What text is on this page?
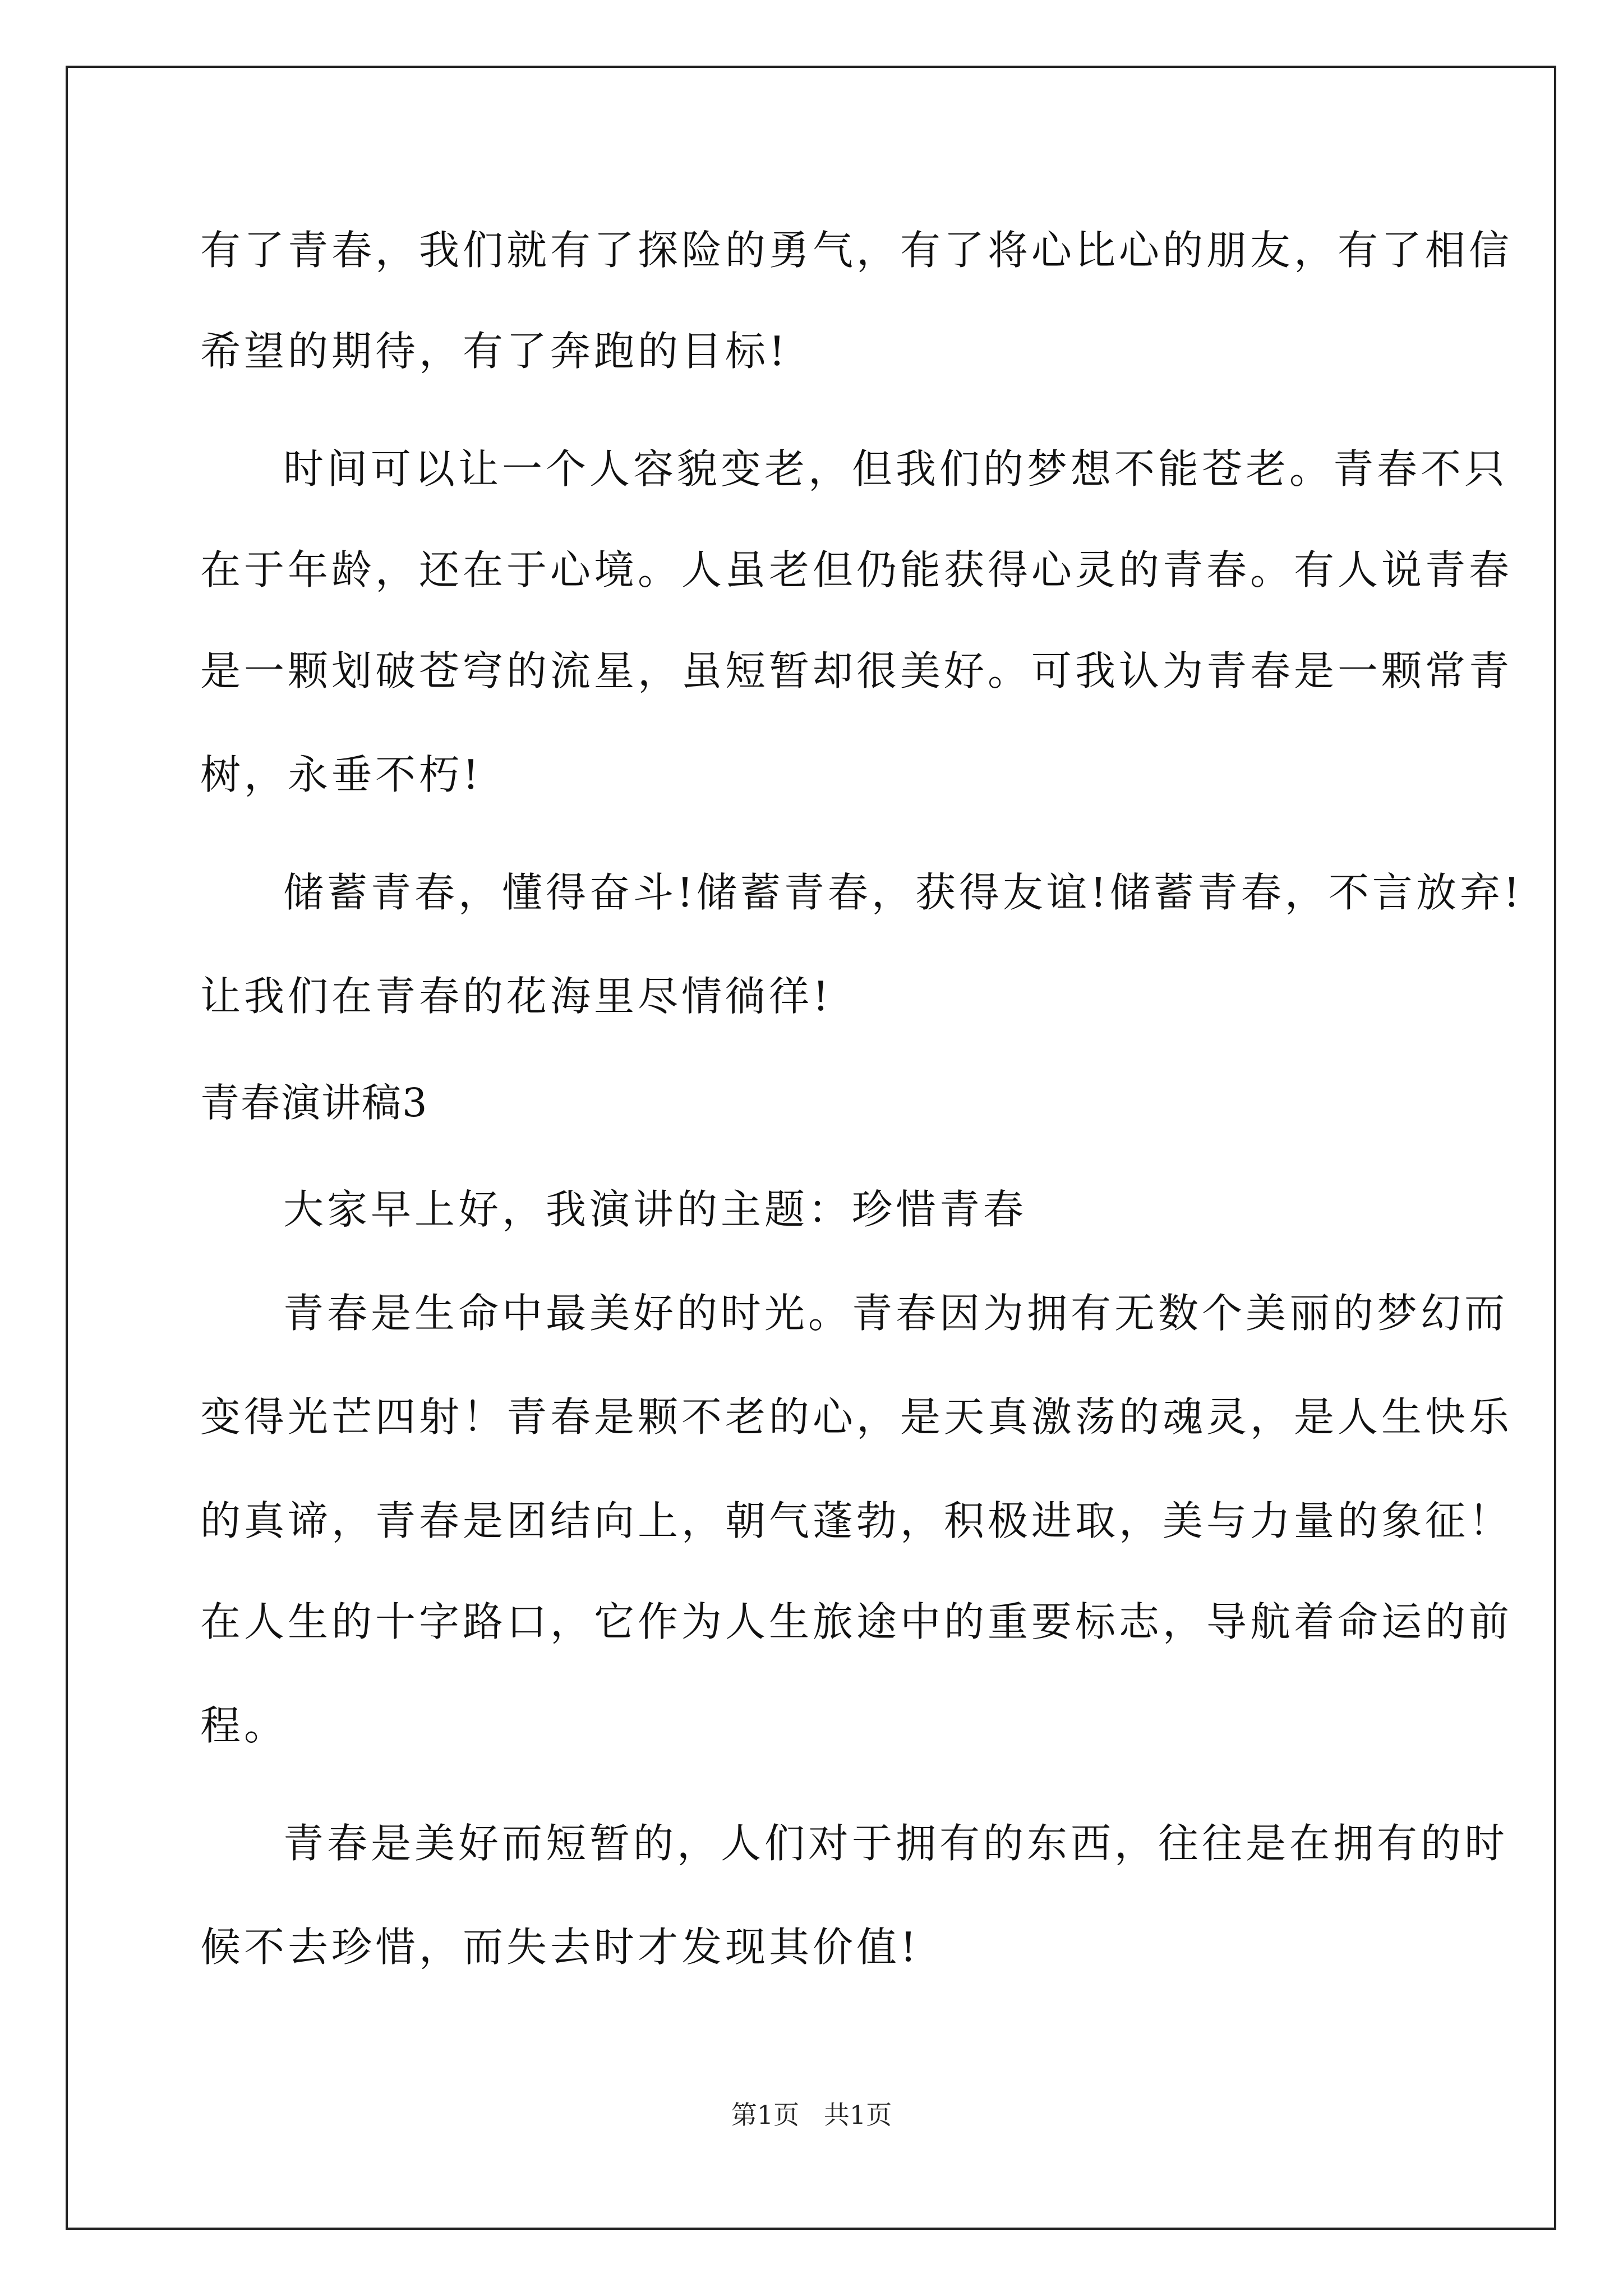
有了青春，我们就有了探险的勇气，有了将心比心的朋友，有了相信
希望的期待，有了奔跑的目标!
时间可以让一个人容貌变老，但我们的梦想不能苍老。青春不只
在于年龄，还在于心境。人虽老但仍能获得心灵的青春。有人说青春
是一颗划破苍穹的流星，虽短暂却很美好。可我认为青春是一颗常青
树，永垂不朽!
储蓄青春，懂得奋斗!储蓄青春，获得友谊!储蓄青春，不言放弃!
让我们在青春的花海里尽情徜徉!
青春演讲稿3
大家早上好，我演讲的主题：珍惜青春
青春是生命中最美好的时光。青春因为拥有无数个美丽的梦幻而
变得光芒四射！青春是颗不老的心，是天真激荡的魂灵，是人生快乐
的真谛，青春是团结向上，朝气蓬勃，积极进取，美与力量的象征！
在人生的十字路口，它作为人生旅途中的重要标志，导航着命运的前
程。
青春是美好而短暂的，人们对于拥有的东西，往往是在拥有的时
候不去珍惜，而失去时才发现其价值!
第1页   共1页
